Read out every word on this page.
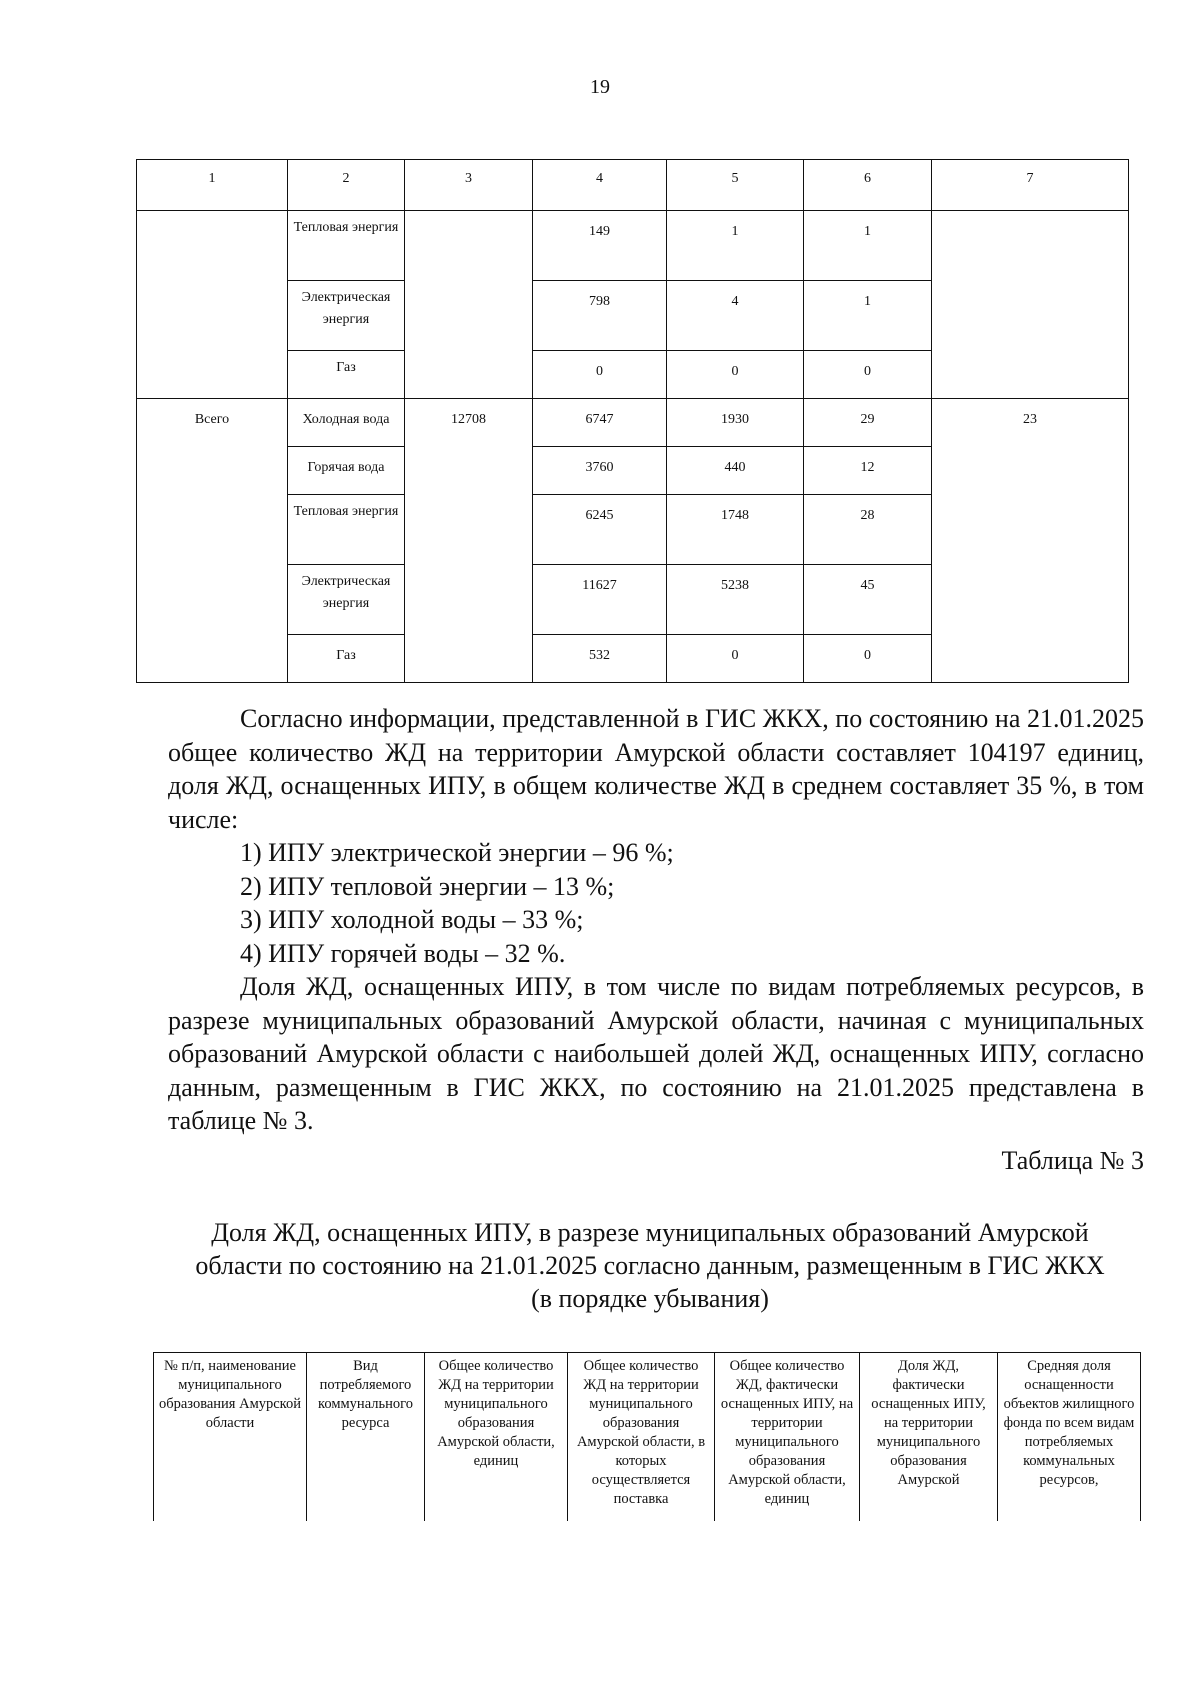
19
1	2	3	4	5	6	7
	Тепловая энергия		149	1	1	
	Электрическая энергия		798	4	1	
	Газ		0	0	0	
Всего	Холодная вода	12708	6747	1930	29	23
	Горячая вода		3760	440	12	
	Тепловая энергия		6245	1748	28	
	Электрическая энергия		11627	5238	45	
	Газ		532	0	0	

Согласно информации, представленной в ГИС ЖКХ, по состоянию на 21.01.2025 общее количество ЖД на территории Амурской области составляет 104197 единиц, доля ЖД, оснащенных ИПУ, в общем количестве ЖД в среднем составляет 35 %, в том числе:

1) ИПУ электрической энергии – 96 %;

2) ИПУ тепловой энергии – 13 %;

3) ИПУ холодной воды – 33 %;

4) ИПУ горячей воды – 32 %.

Доля ЖД, оснащенных ИПУ, в том числе по видам потребляемых ресурсов, в разрезе муниципальных образований Амурской области, начиная с муниципальных образований Амурской области с наибольшей долей ЖД, оснащенных ИПУ, согласно данным, размещенным в ГИС ЖКХ, по состоянию на 21.01.2025 представлена в таблице № 3.

Таблица № 3

Доля ЖД, оснащенных ИПУ, в разрезе муниципальных образований Амурской
области по состоянию на 21.01.2025 согласно данным, размещенным в ГИС ЖКХ
(в порядке убывания)
№ п/п, наименование муниципального образования Амурской области	Вид потребляемого коммунального ресурса	Общее количество ЖД на территории муниципального образования Амурской области, единиц	Общее количество ЖД на территории муниципального образования Амурской области, в которых осуществляется поставка	Общее количество ЖД, фактически оснащенных ИПУ, на территории муниципального образования Амурской области, единиц	Доля ЖД, фактически оснащенных ИПУ, на территории муниципального образования Амурской	Средняя доля оснащенности объектов жилищного фонда по всем видам потребляемых коммунальных ресурсов,
